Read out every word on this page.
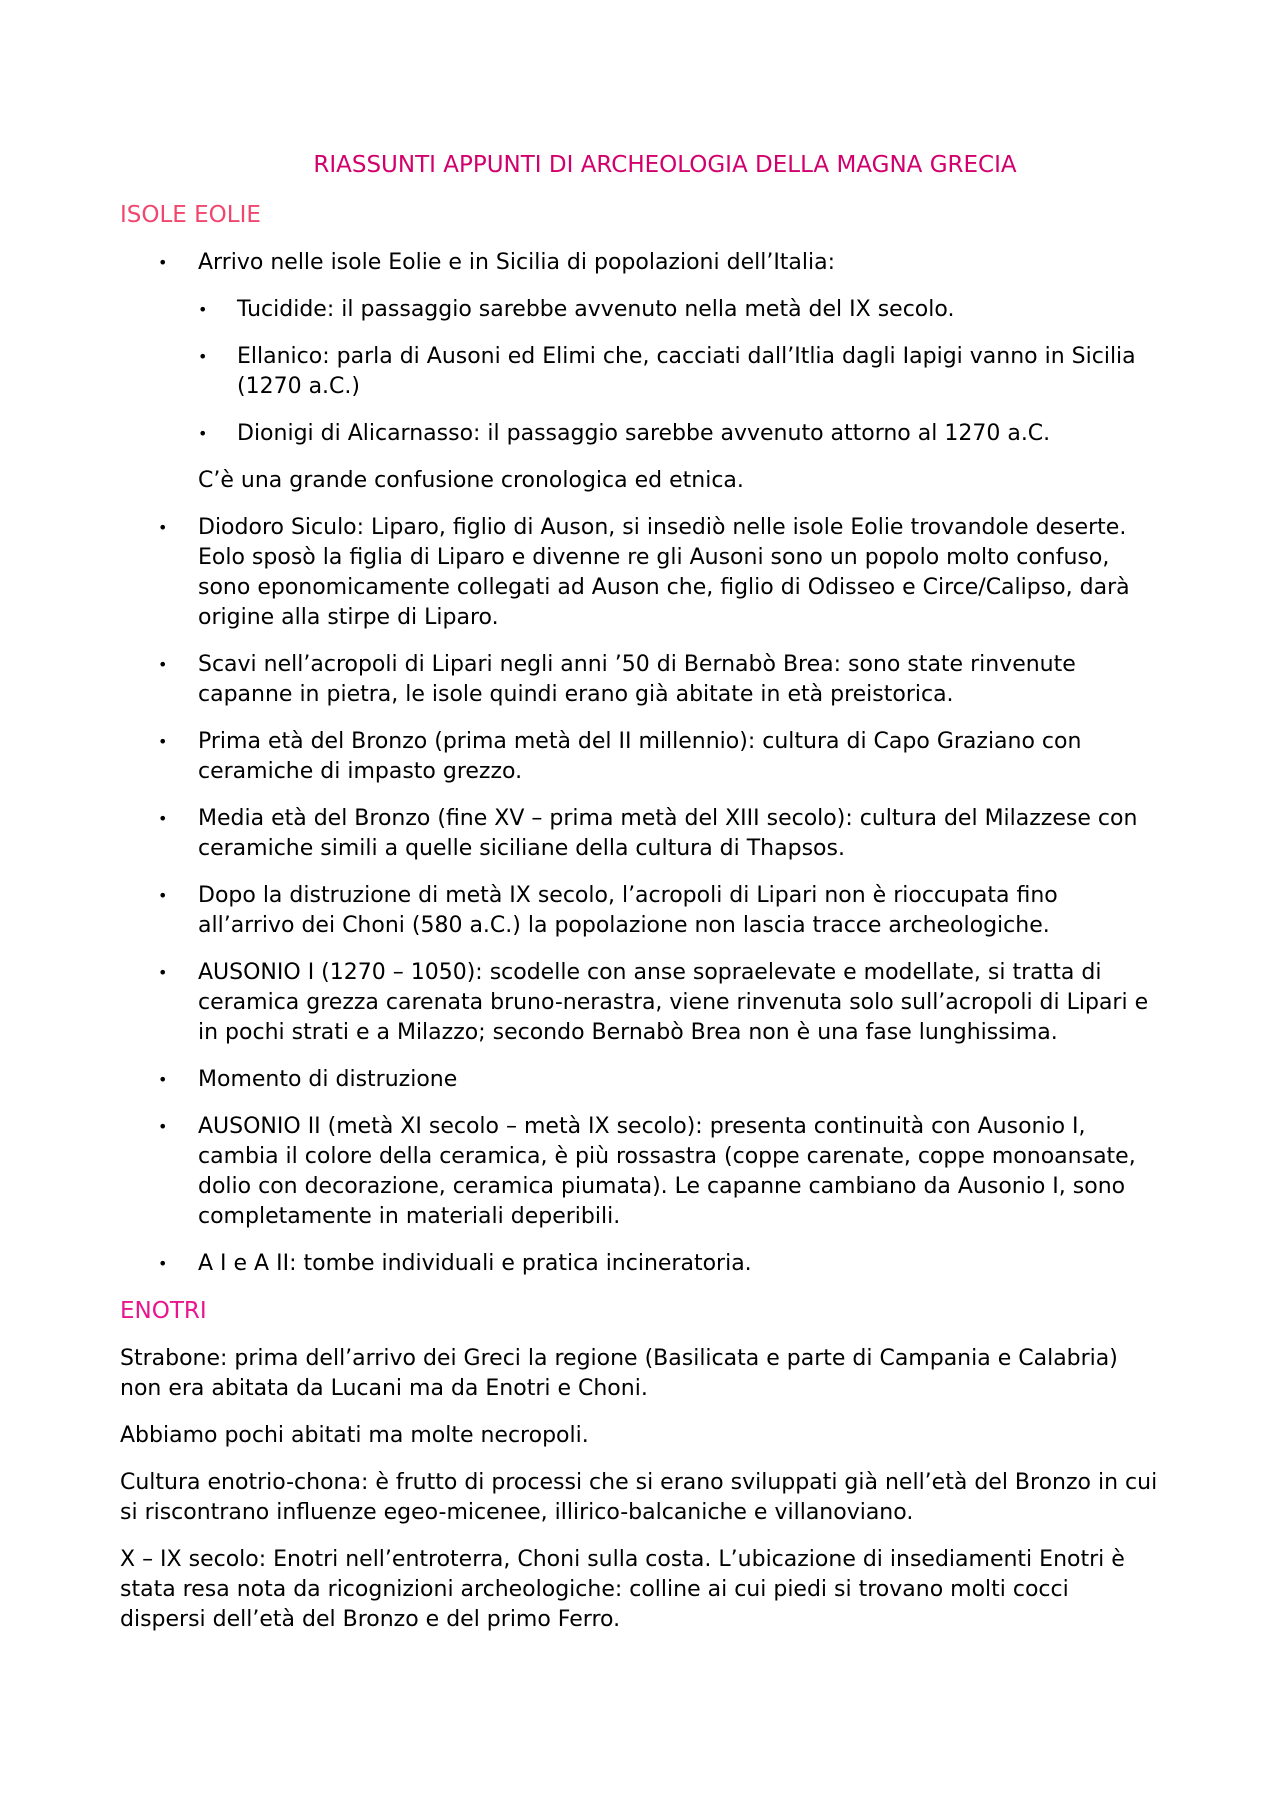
RIASSUNTI APPUNTI DI ARCHEOLOGIA DELLA MAGNA GRECIA
ISOLE EOLIE
• Arrivo nelle isole Eolie e in Sicilia di popolazioni dell’Italia:
• Tucidide: il passaggio sarebbe avvenuto nella metà del IX secolo.
• Ellanico: parla di Ausoni ed Elimi che, cacciati dall’Itlia dagli Iapigi vanno in Sicilia (1270 a.C.)
• Dionigi di Alicarnasso: il passaggio sarebbe avvenuto attorno al 1270 a.C.

C’è una grande confusione cronologica ed etnica.

• Diodoro Siculo: Liparo, figlio di Auson, si insediò nelle isole Eolie trovandole deserte. Eolo sposò la figlia di Liparo e divenne re gli Ausoni sono un popolo molto confuso, sono eponomicamente collegati ad Auson che, figlio di Odisseo e Circe/Calipso, darà origine alla stirpe di Liparo.
• Scavi nell’acropoli di Lipari negli anni ’50 di Bernabò Brea: sono state rinvenute capanne in pietra, le isole quindi erano già abitate in età preistorica.
• Prima età del Bronzo (prima metà del II millennio): cultura di Capo Graziano con ceramiche di impasto grezzo.
• Media età del Bronzo (fine XV – prima metà del XIII secolo): cultura del Milazzese con ceramiche simili a quelle siciliane della cultura di Thapsos.
• Dopo la distruzione di metà IX secolo, l’acropoli di Lipari non è rioccupata fino all’arrivo dei Choni (580 a.C.) la popolazione non lascia tracce archeologiche.
• AUSONIO I (1270 – 1050): scodelle con anse sopraelevate e modellate, si tratta di ceramica grezza carenata bruno-nerastra, viene rinvenuta solo sull’acropoli di Lipari e in pochi strati e a Milazzo; secondo Bernabò Brea non è una fase lunghissima.
• Momento di distruzione
• AUSONIO II (metà XI secolo – metà IX secolo): presenta continuità con Ausonio I, cambia il colore della ceramica, è più rossastra (coppe carenate, coppe monoansate, dolio con decorazione, ceramica piumata). Le capanne cambiano da Ausonio I, sono completamente in materiali deperibili.
• A I e A II: tombe individuali e pratica incineratoria.
ENOTRI

Strabone: prima dell’arrivo dei Greci la regione (Basilicata e parte di Campania e Calabria) non era abitata da Lucani ma da Enotri e Choni.

Abbiamo pochi abitati ma molte necropoli.

Cultura enotrio-chona: è frutto di processi che si erano sviluppati già nell’età del Bronzo in cui si riscontrano influenze egeo-micenee, illirico-balcaniche e villanoviano.

X – IX secolo: Enotri nell’entroterra, Choni sulla costa. L’ubicazione di insediamenti Enotri è stata resa nota da ricognizioni archeologiche: colline ai cui piedi si trovano molti cocci dispersi dell’età del Bronzo e del primo Ferro.
